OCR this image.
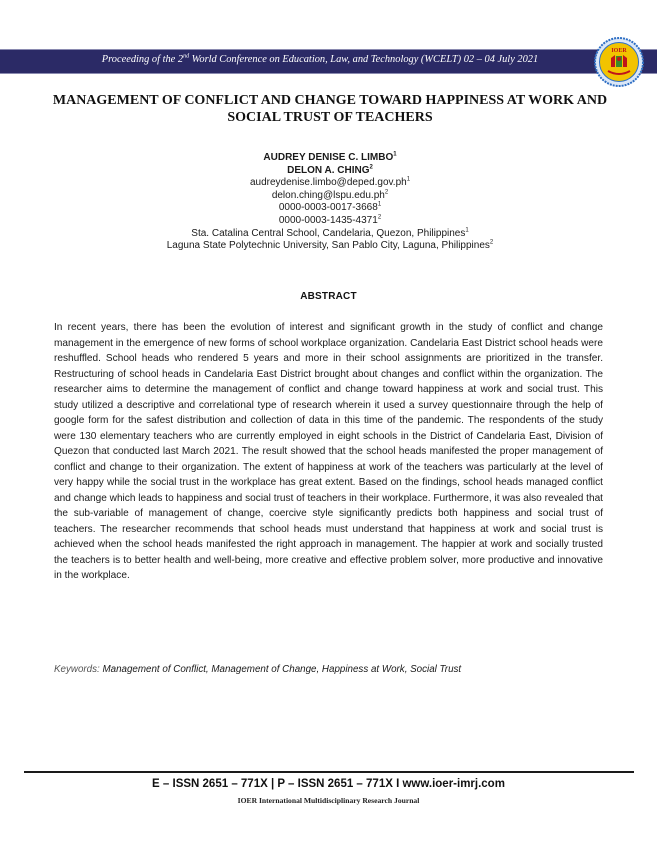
Proceeding of the 2nd World Conference on Education, Law, and Technology (WCELT) 02 – 04 July 2021
IOER
MANAGEMENT OF CONFLICT AND CHANGE TOWARD HAPPINESS AT WORK AND
SOCIAL TRUST OF TEACHERS
AUDREY DENISE C. LIMBO$^1$
DELON A. CHING$^2$
$audreydenise.limbo@deped.gov.ph^1$
$delon.ching@lspu.edu.ph^2$
0000-0003-0017-3668$^1$
0000-0003-1435-4371$^2$
Sta. Catalina Central School, Candelaria, Quezon, Philippines$^1$
Laguna State Polytechnic University, San Pablo City, Laguna, Philippines$^2$
ABSTRACT
In recent years, there has been the evolution of interest and significant growth in the study of conflict and change management in the emergence of new forms of school workplace organization. Candelaria East District school heads were reshuffled. School heads who rendered 5 years and more in their school assignments are prioritized in the transfer. Restructuring of school heads in Candelaria East District brought about changes and conflict within the organization. The researcher aims to determine the management of conflict and change toward happiness at work and social trust. This study utilized a descriptive and correlational type of research wherein it used a survey questionnaire through the help of google form for the safest distribution and collection of data in this time of the pandemic. The respondents of the study were 130 elementary teachers who are currently employed in eight schools in the District of Candelaria East, Division of Quezon that conducted last March 2021. The result showed that the school heads manifested the proper management of conflict and change to their organization. The extent of happiness at work of the teachers was particularly at the level of very happy while the social trust in the workplace has great extent. Based on the findings, school heads managed conflict and change which leads to happiness and social trust of teachers in their workplace. Furthermore, it was also revealed that the sub-variable of management of change, coercive style significantly predicts both happiness and social trust of teachers. The researcher recommends that school heads must understand that happiness at work and social trust is achieved when the school heads manifested the right approach in management. The happier at work and socially trusted the teachers is to better health and well-being, more creative and effective problem solver, more productive and innovative in the workplace.
Keywords: Management of Conflict, Management of Change, Happiness at Work, Social Trust
E – ISSN 2651 – 771X | P – ISSN 2651 – 771X I www.ioer-imrj.com
IOER International Multidisciplinary Research Journal
